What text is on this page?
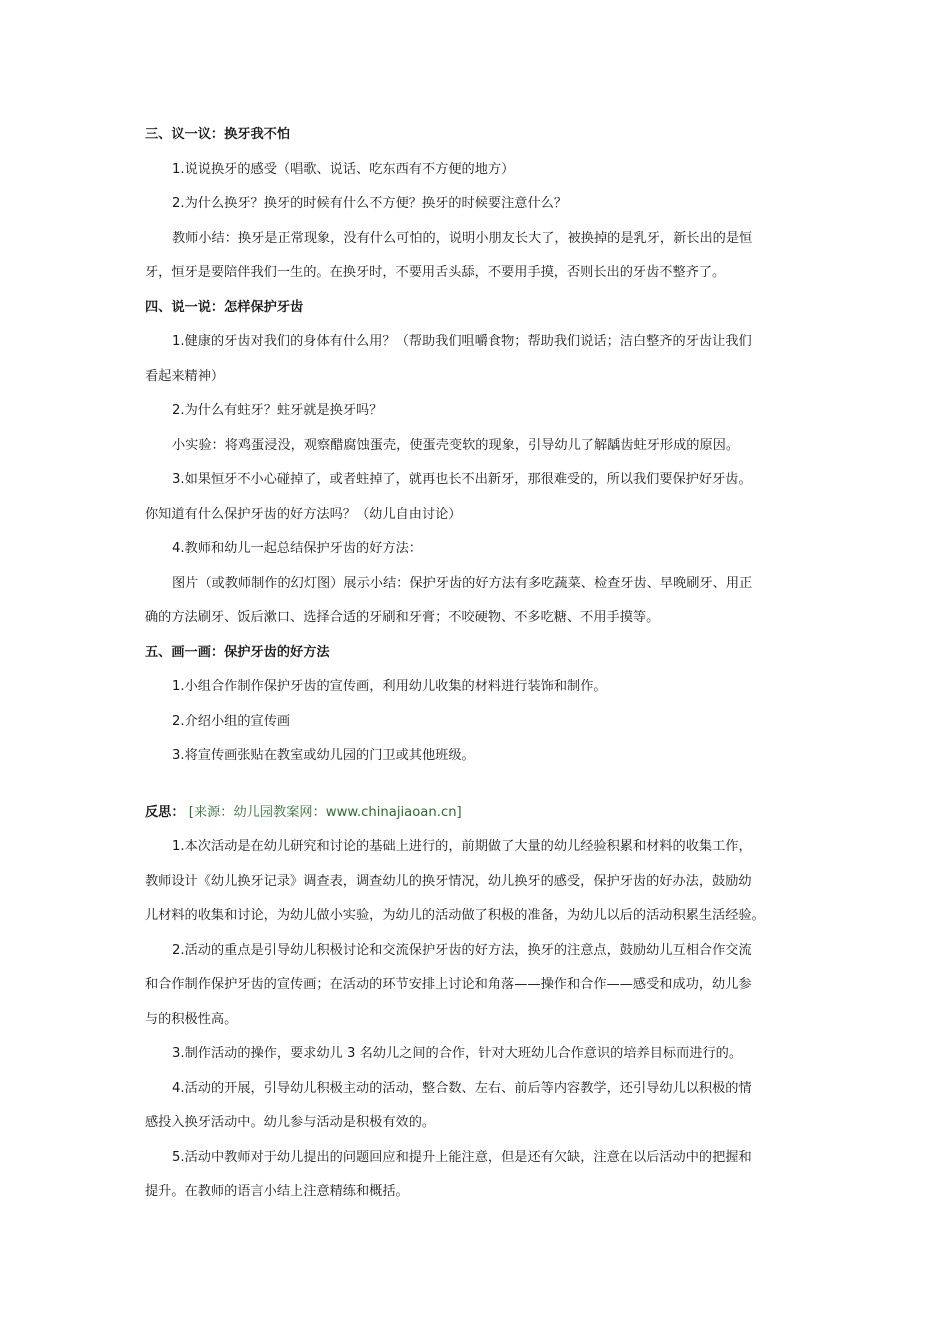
三、议一议：换牙我不怕
1.说说换牙的感受（唱歌、说话、吃东西有不方便的地方）
2.为什么换牙？换牙的时候有什么不方便？换牙的时候要注意什么？
教师小结：换牙是正常现象，没有什么可怕的，说明小朋友长大了，被换掉的是乳牙，新长出的是恒
牙，恒牙是要陪伴我们一生的。在换牙时，不要用舌头舔，不要用手摸，否则长出的牙齿不整齐了。
四、说一说：怎样保护牙齿
1.健康的牙齿对我们的身体有什么用？（帮助我们咀嚼食物；帮助我们说话；洁白整齐的牙齿让我们
看起来精神）
2.为什么有蛀牙？蛀牙就是换牙吗？
小实验：将鸡蛋浸没，观察醋腐蚀蛋壳，使蛋壳变软的现象，引导幼儿了解龋齿蛀牙形成的原因。
3.如果恒牙不小心碰掉了，或者蛀掉了，就再也长不出新牙，那很难受的，所以我们要保护好牙齿。
你知道有什么保护牙齿的好方法吗？（幼儿自由讨论）
4.教师和幼儿一起总结保护牙齿的好方法：
图片（或教师制作的幻灯图）展示小结：保护牙齿的好方法有多吃蔬菜、检查牙齿、早晚刷牙、用正
确的方法刷牙、饭后漱口、选择合适的牙刷和牙膏；不咬硬物、不多吃糖、不用手摸等。
五、画一画：保护牙齿的好方法
1.小组合作制作保护牙齿的宣传画，利用幼儿收集的材料进行装饰和制作。
2.介绍小组的宣传画
3.将宣传画张贴在教室或幼儿园的门卫或其他班级。
反思： [来源：幼儿园教案网：www.chinajiaoan.cn]
1.本次活动是在幼儿研究和讨论的基础上进行的，前期做了大量的幼儿经验积累和材料的收集工作，
教师设计《幼儿换牙记录》调查表，调查幼儿的换牙情况，幼儿换牙的感受，保护牙齿的好办法，鼓励幼
儿材料的收集和讨论，为幼儿做小实验，为幼儿的活动做了积极的准备，为幼儿以后的活动积累生活经验。
2.活动的重点是引导幼儿积极讨论和交流保护牙齿的好方法，换牙的注意点，鼓励幼儿互相合作交流
和合作制作保护牙齿的宣传画；在活动的环节安排上讨论和角落——操作和合作——感受和成功，幼儿参
与的积极性高。
3.制作活动的操作，要求幼儿 3 名幼儿之间的合作，针对大班幼儿合作意识的培养目标而进行的。
4.活动的开展，引导幼儿积极主动的活动，整合数、左右、前后等内容教学，还引导幼儿以积极的情
感投入换牙活动中。幼儿参与活动是积极有效的。
5.活动中教师对于幼儿提出的问题回应和提升上能注意，但是还有欠缺，注意在以后活动中的把握和
提升。在教师的语言小结上注意精练和概括。
